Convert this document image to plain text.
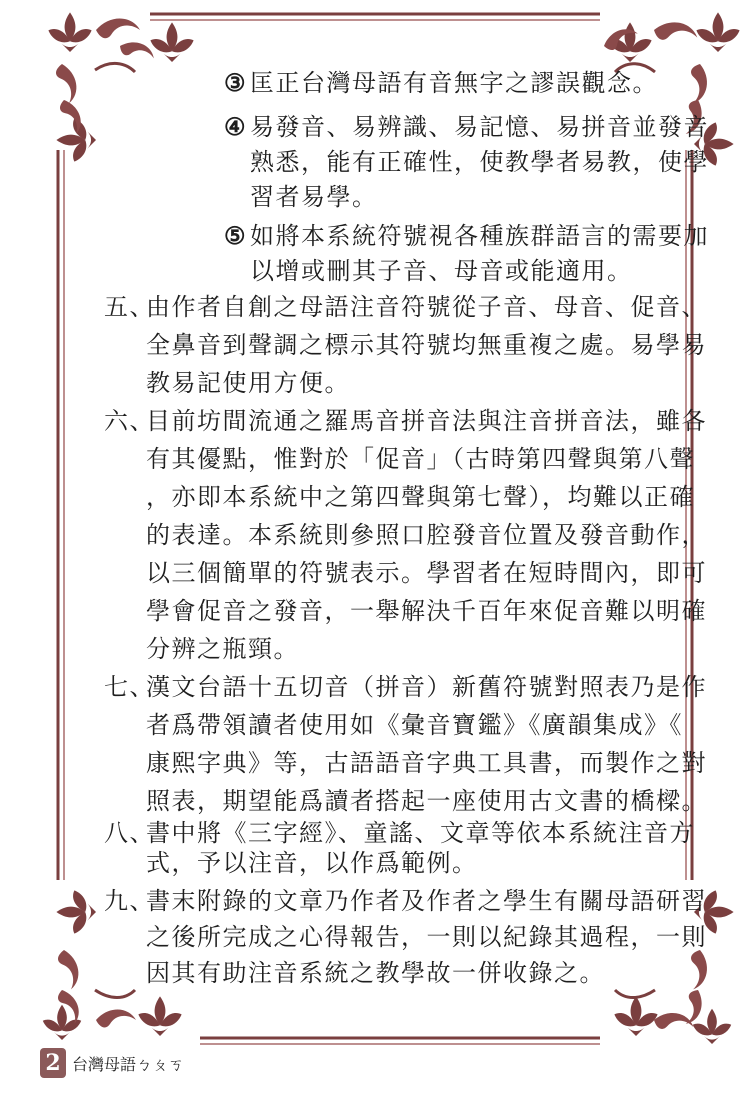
③ 匡正台灣母語有音無字之謬誤觀念。
④ 易發音、易辨識、易記憶、易拼音並發音
熟悉，能有正確性，使教學者易教，使學
習者易學。
⑤ 如將本系統符號視各種族群語言的需要加
以增或刪其子音、母音或能適用。
五、
由作者自創之母語注音符號從子音、母音、促音、
全鼻音到聲調之標示其符號均無重複之處。易學易
教易記使用方便。
六、
目前坊間流通之羅馬音拼音法與注音拼音法，雖各
有其優點，惟對於「促音」（古時第四聲與第八聲
，亦即本系統中之第四聲與第七聲），均難以正確
的表達。本系統則參照口腔發音位置及發音動作，
以三個簡單的符號表示。學習者在短時間內，即可
學會促音之發音，一舉解決千百年來促音難以明確
分辨之瓶頸。
七、
漢文台語十五切音（拼音）新舊符號對照表乃是作
者爲帶領讀者使用如《彙音寶鑑》《廣韻集成》《
康熙字典》等，古語語音字典工具書，而製作之對
照表，期望能爲讀者搭起一座使用古文書的橋樑。
八、
書中將《三字經》、童謠、文章等依本系統注音方
式，予以注音，以作爲範例。
九、
書末附錄的文章乃作者及作者之學生有關母語研習
之後所完成之心得報告，一則以紀錄其過程，一則
因其有助注音系統之教學故一併收錄之。
2 台灣母語ㄅㄆㄎ
